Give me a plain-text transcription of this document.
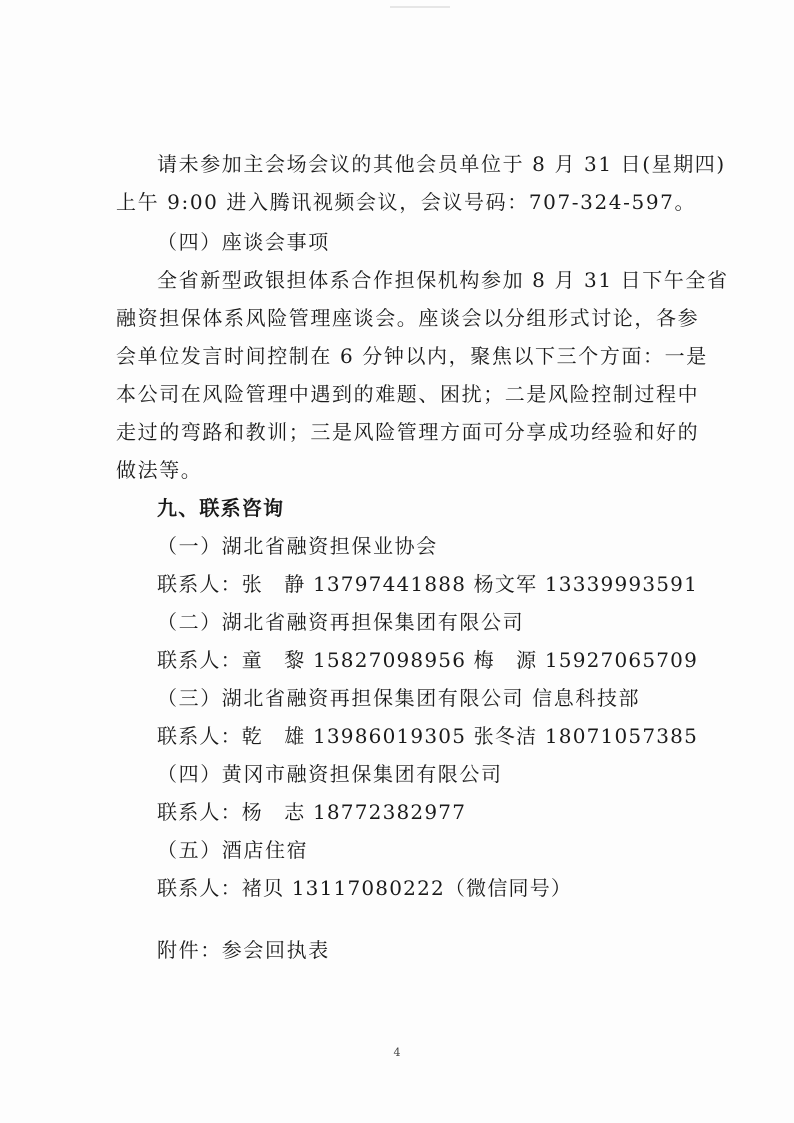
请未参加主会场会议的其他会员单位于 8 月 31 日(星期四)
上午 9:00 进入腾讯视频会议，会议号码：707-324-597。
（四）座谈会事项
全省新型政银担体系合作担保机构参加 8 月 31 日下午全省
融资担保体系风险管理座谈会。座谈会以分组形式讨论，各参
会单位发言时间控制在 6 分钟以内，聚焦以下三个方面：一是
本公司在风险管理中遇到的难题、困扰；二是风险控制过程中
走过的弯路和教训；三是风险管理方面可分享成功经验和好的
做法等。
九、联系咨询
（一）湖北省融资担保业协会
联系人：张　静 13797441888 杨文军 13339993591
（二）湖北省融资再担保集团有限公司
联系人：童　黎 15827098956 梅　源 15927065709
（三）湖北省融资再担保集团有限公司 信息科技部
联系人：乾　雄 13986019305 张冬洁 18071057385
（四）黄冈市融资担保集团有限公司
联系人：杨　志 18772382977
（五）酒店住宿
联系人：褚贝 13117080222（微信同号）
附件：参会回执表
4
